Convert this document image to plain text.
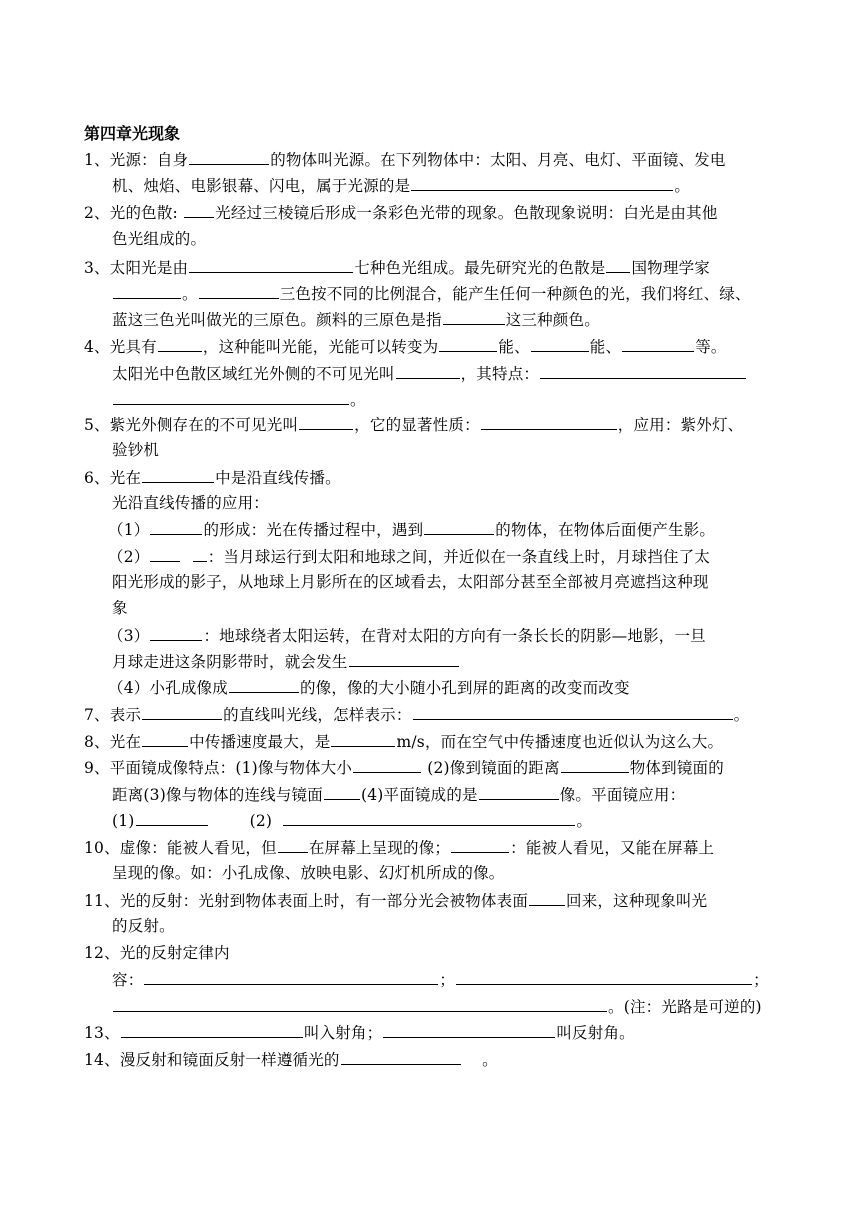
第四章光现象
1、光源：自身	的物体叫光源。在下列物体中：太阳、月亮、电灯、平面镜、发电
机、烛焰、电影银幕、闪电，属于光源的是	。
2、光的色散: 光经过三棱镜后形成一条彩色光带的现象。色散现象说明：白光是由其他
色光组成的。
3、太阳光是由	七种色光组成。最先研究光的色散是 国物理学家
。	三色按不同的比例混合，能产生任何一种颜色的光，我们将红、绿、
蓝这三色光叫做光的三原色。颜料的三原色是指	这三种颜色。
4、光具有	，这种能叫光能，光能可以转变为	能、	能、	等。
太阳光中色散区域红光外侧的不可见光叫	，其特点：
。
5、紫光外侧存在的不可见光叫	，它的显著性质：	，应用：紫外灯、
验钞机
6、光在	中是沿直线传播。
光沿直线传播的应用：
（1）	的形成：光在传播过程中，遇到	的物体，在物体后面便产生影。
（2）	：当月球运行到太阳和地球之间，并近似在一条直线上时，月球挡住了太
阳光形成的影子，从地球上月影所在的区域看去，太阳部分甚至全部被月亮遮挡这种现
象
（3）	：地球绕者太阳运转，在背对太阳的方向有一条长长的阴影—地影，一旦
月球走进这条阴影带时，就会发生
（4）小孔成像成	的像，像的大小随小孔到屏的距离的改变而改变
7、表示	的直线叫光线，怎样表示：	。
8、光在	中传播速度最大，是	m/s，而在空气中传播速度也近似认为这么大。
9、平面镜成像特点：(1)像与物体大小	(2)像到镜面的距离	物体到镜面的
距离(3)像与物体的连线与镜面 (4)平面镜成的是	像。平面镜应用：
(1)	(2)	。
10、虚像：能被人看见，但 在屏幕上呈现的像；	：能被人看见，又能在屏幕上
呈现的像。如：小孔成像、放映电影、幻灯机所成的像。
11、光的反射：光射到物体表面上时，有一部分光会被物体表面 回来，这种现象叫光
的反射。
12、光的反射定律内
容：	；	；
。(注：光路是可逆的)
13、	叫入射角；	叫反射角。
14、漫反射和镜面反射一样遵循光的	。
